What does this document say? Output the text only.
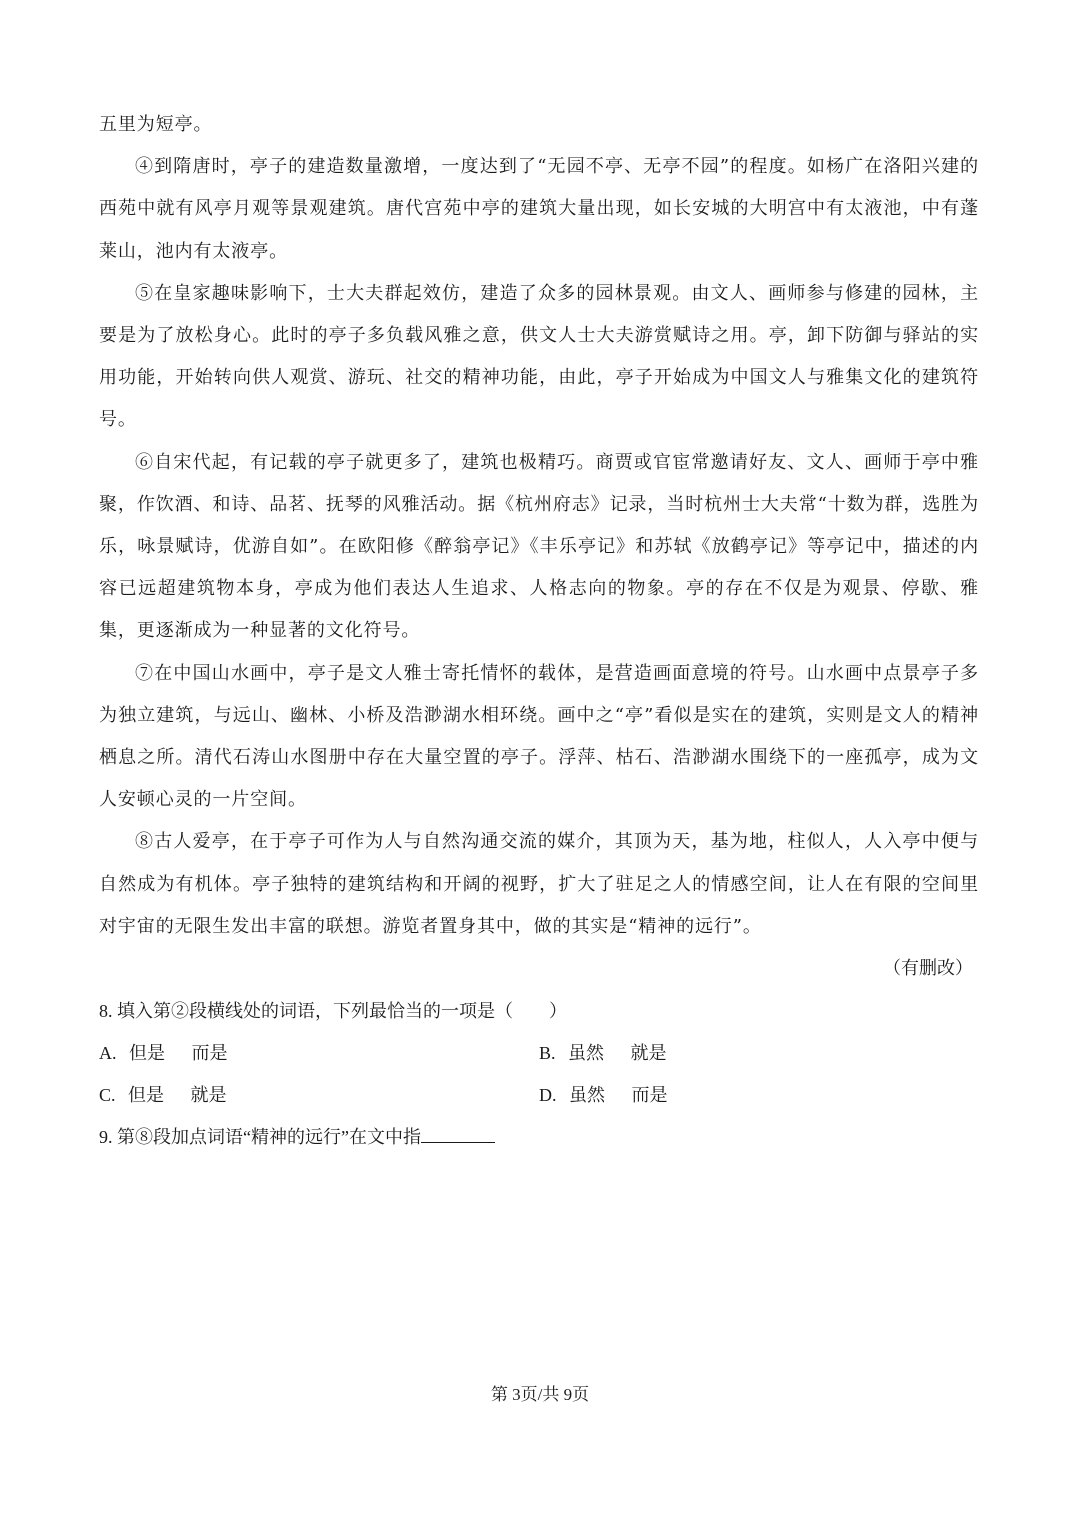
五里为短亭。

④到隋唐时，亭子的建造数量激增，一度达到了“无园不亭、无亭不园”的程度。如杨广在洛阳兴建的西苑中就有风亭月观等景观建筑。唐代宫苑中亭的建筑大量出现，如长安城的大明宫中有太液池，中有蓬莱山，池内有太液亭。

⑤在皇家趣味影响下，士大夫群起效仿，建造了众多的园林景观。由文人、画师参与修建的园林，主要是为了放松身心。此时的亭子多负载风雅之意，供文人士大夫游赏赋诗之用。亭，卸下防御与驿站的实用功能，开始转向供人观赏、游玩、社交的精神功能，由此，亭子开始成为中国文人与雅集文化的建筑符号。

⑥自宋代起，有记载的亭子就更多了，建筑也极精巧。商贾或官宦常邀请好友、文人、画师于亭中雅聚，作饮酒、和诗、品茗、抚琴的风雅活动。据《杭州府志》记录，当时杭州士大夫常“十数为群，选胜为乐，咏景赋诗，优游自如”。在欧阳修《醉翁亭记》《丰乐亭记》和苏轼《放鹤亭记》等亭记中，描述的内容已远超建筑物本身，亭成为他们表达人生追求、人格志向的物象。亭的存在不仅是为观景、停歇、雅集，更逐渐成为一种显著的文化符号。

⑦在中国山水画中，亭子是文人雅士寄托情怀的载体，是营造画面意境的符号。山水画中点景亭子多为独立建筑，与远山、幽林、小桥及浩渺湖水相环绕。画中之“亭”看似是实在的建筑，实则是文人的精神栖息之所。清代石涛山水图册中存在大量空置的亭子。浮萍、枯石、浩渺湖水围绕下的一座孤亭，成为文人安顿心灵的一片空间。

⑧古人爱亭，在于亭子可作为人与自然沟通交流的媒介，其顶为天，基为地，柱似人，人入亭中便与自然成为有机体。亭子独特的建筑结构和开阔的视野，扩大了驻足之人的情感空间，让人在有限的空间里对宇宙的无限生发出丰富的联想。游览者置身其中，做的其实是“精神的远行”。

（有删改）

8. 填入第②段横线处的词语，下列最恰当的一项是（　　）

A. 但是 而是	B. 虽然 就是
C. 但是 就是	D. 虽然 而是

9. 第⑧段加点词语“精神的远行”在文中指

第 3页/共 9页
